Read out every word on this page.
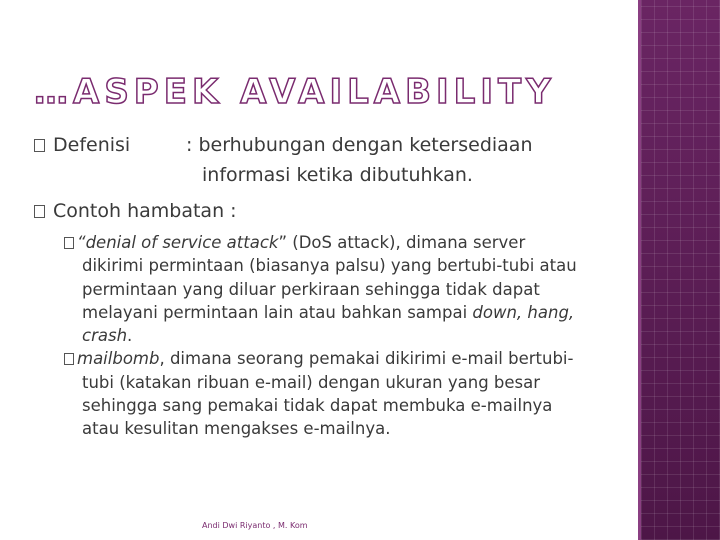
…ASPEK AVAILABILITY
Defenisi	: berhubungan dengan ketersediaan
informasi ketika dibutuhkan.
Contoh hambatan :

“denial of service attack” (DoS attack), dimana server dikirimi permintaan (biasanya palsu) yang bertubi-tubi atau permintaan yang diluar perkiraan sehingga tidak dapat melayani permintaan lain atau bahkan sampai down, hang, crash.

mailbomb, dimana seorang pemakai dikirimi e-mail bertubi-tubi (katakan ribuan e-mail) dengan ukuran yang besar sehingga sang pemakai tidak dapat membuka e-mailnya atau kesulitan mengakses e-mailnya.

Andi Dwi Riyanto , M. Kom
